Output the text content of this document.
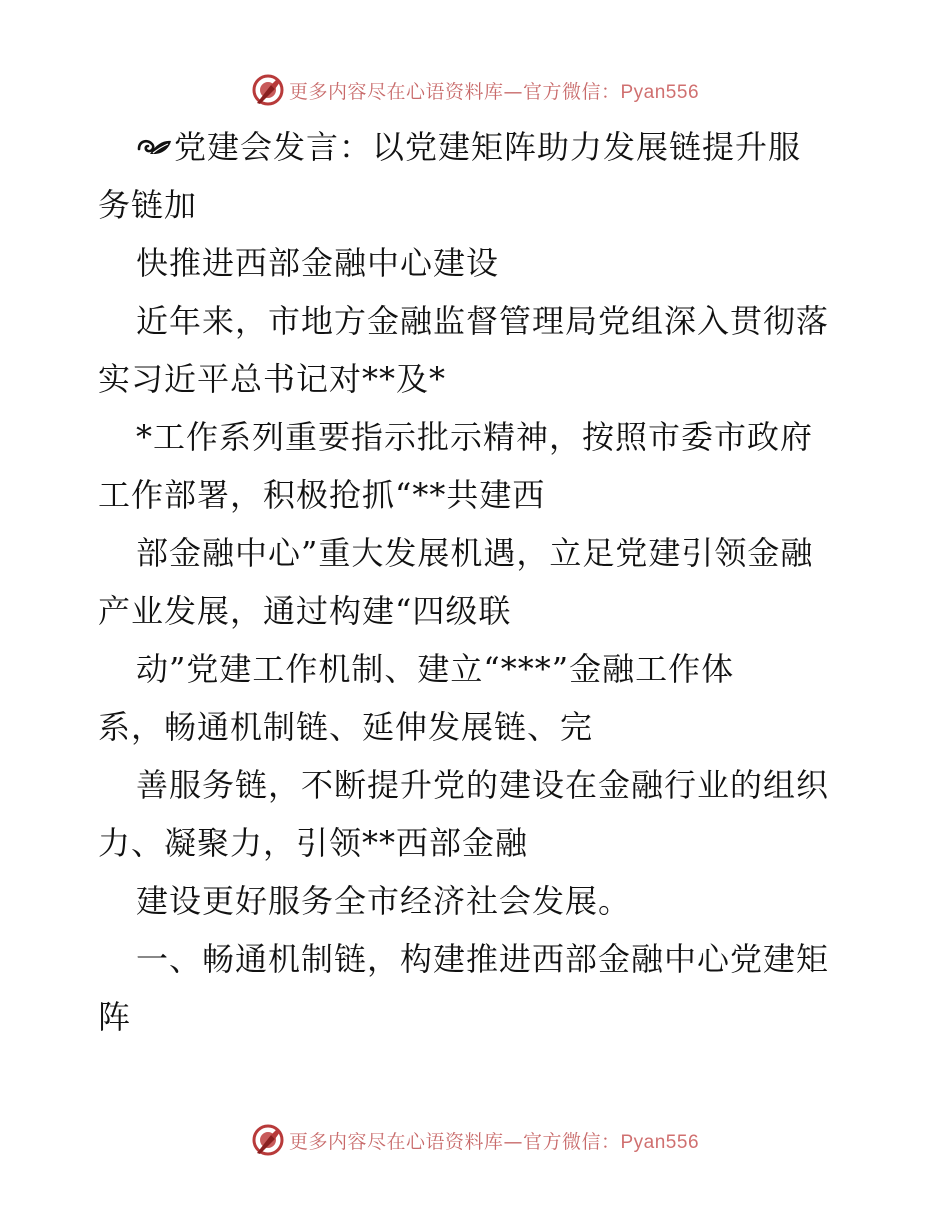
更多内容尽在心语资料库—官方微信：Pyan556
党建会发言：以党建矩阵助力发展链提升服
务链加
快推进西部金融中心建设
近年来，市地方金融监督管理局党组深入贯彻落
实习近平总书记对**及*
*工作系列重要指示批示精神，按照市委市政府
工作部署，积极抢抓“**共建西
部金融中心”重大发展机遇，立足党建引领金融
产业发展，通过构建“四级联
动”党建工作机制、建立“***”金融工作体
系，畅通机制链、延伸发展链、完
善服务链，不断提升党的建设在金融行业的组织
力、凝聚力，引领**西部金融
建设更好服务全市经济社会发展。
一、畅通机制链，构建推进西部金融中心党建矩
阵
更多内容尽在心语资料库—官方微信：Pyan556
